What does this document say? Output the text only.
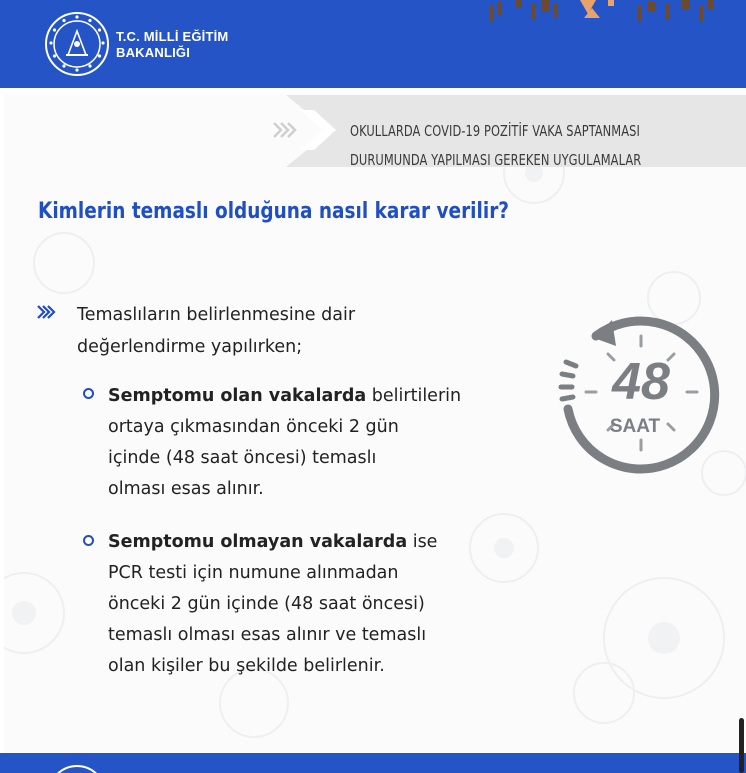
T.C. MİLLİ EĞİTİM
BAKANLIĞI
OKULLARDA COVID-19 POZİTİF VAKA SAPTANMASI
DURUMUNDA YAPILMASI GEREKEN UYGULAMALAR
Kimlerin temaslı olduğuna nasıl karar verilir?
Temaslıların belirlenmesine dair
değerlendirme yapılırken;
Semptomu olan vakalarda belirtilerin
ortaya çıkmasından önceki 2 gün
içinde (48 saat öncesi) temaslı
olması esas alınır.
Semptomu olmayan vakalarda ise
PCR testi için numune alınmadan
önceki 2 gün içinde (48 saat öncesi)
temaslı olması esas alınır ve temaslı
olan kişiler bu şekilde belirlenir.
48
SAAT
